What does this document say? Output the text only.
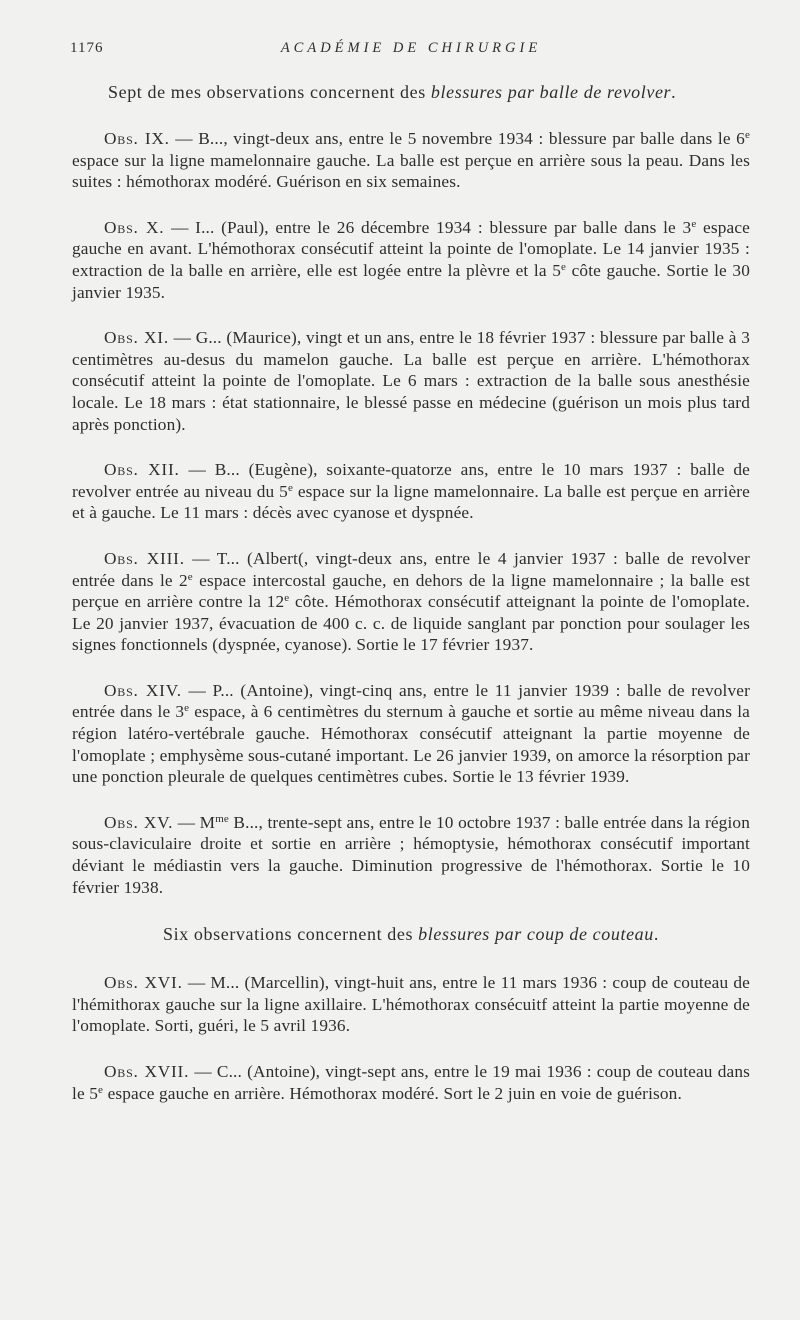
1176	ACADÉMIE DE CHIRURGIE

Sept de mes observations concernent des blessures par balle de revolver.

Obs. IX. — B..., vingt-deux ans, entre le 5 novembre 1934 : blessure par balle dans le 6e espace sur la ligne mamelonnaire gauche. La balle est perçue en arrière sous la peau. Dans les suites : hémothorax modéré. Guérison en six semaines.

Obs. X. — I... (Paul), entre le 26 décembre 1934 : blessure par balle dans le 3e espace gauche en avant. L'hémothorax consécutif atteint la pointe de l'omoplate. Le 14 janvier 1935 : extraction de la balle en arrière, elle est logée entre la plèvre et la 5e côte gauche. Sortie le 30 janvier 1935.

Obs. XI. — G... (Maurice), vingt et un ans, entre le 18 février 1937 : blessure par balle à 3 centimètres au-desus du mamelon gauche. La balle est perçue en arrière. L'hémothorax consécutif atteint la pointe de l'omoplate. Le 6 mars : extraction de la balle sous anesthésie locale. Le 18 mars : état stationnaire, le blessé passe en médecine (guérison un mois plus tard après ponction).

Obs. XII. — B... (Eugène), soixante-quatorze ans, entre le 10 mars 1937 : balle de revolver entrée au niveau du 5e espace sur la ligne mamelonnaire. La balle est perçue en arrière et à gauche. Le 11 mars : décès avec cyanose et dyspnée.

Obs. XIII. — T... (Albert(, vingt-deux ans, entre le 4 janvier 1937 : balle de revolver entrée dans le 2e espace intercostal gauche, en dehors de la ligne mamelonnaire ; la balle est perçue en arrière contre la 12e côte. Hémothorax consécutif atteignant la pointe de l'omoplate. Le 20 janvier 1937, évacuation de 400 c. c. de liquide sanglant par ponction pour soulager les signes fonctionnels (dyspnée, cyanose). Sortie le 17 février 1937.

Obs. XIV. — P... (Antoine), vingt-cinq ans, entre le 11 janvier 1939 : balle de revolver entrée dans le 3e espace, à 6 centimètres du sternum à gauche et sortie au même niveau dans la région latéro-vertébrale gauche. Hémothorax consécutif atteignant la partie moyenne de l'omoplate ; emphysème sous-cutané important. Le 26 janvier 1939, on amorce la résorption par une ponction pleurale de quelques centimètres cubes. Sortie le 13 février 1939.

Obs. XV. — $M^{me}$ B..., trente-sept ans, entre le 10 octobre 1937 : balle entrée dans la région sous-claviculaire droite et sortie en arrière ; hémoptysie, hémothorax consécutif important déviant le médiastin vers la gauche. Diminution progressive de l'hémothorax. Sortie le 10 février 1938.

Six observations concernent des blessures par coup de couteau.

Obs. XVI. — M... (Marcellin), vingt-huit ans, entre le 11 mars 1936 : coup de couteau de l'hémithorax gauche sur la ligne axillaire. L'hémothorax consécuitf atteint la partie moyenne de l'omoplate. Sorti, guéri, le 5 avril 1936.

Obs. XVII. — C... (Antoine), vingt-sept ans, entre le 19 mai 1936 : coup de couteau dans le 5e espace gauche en arrière. Hémothorax modéré. Sort le 2 juin en voie de guérison.
